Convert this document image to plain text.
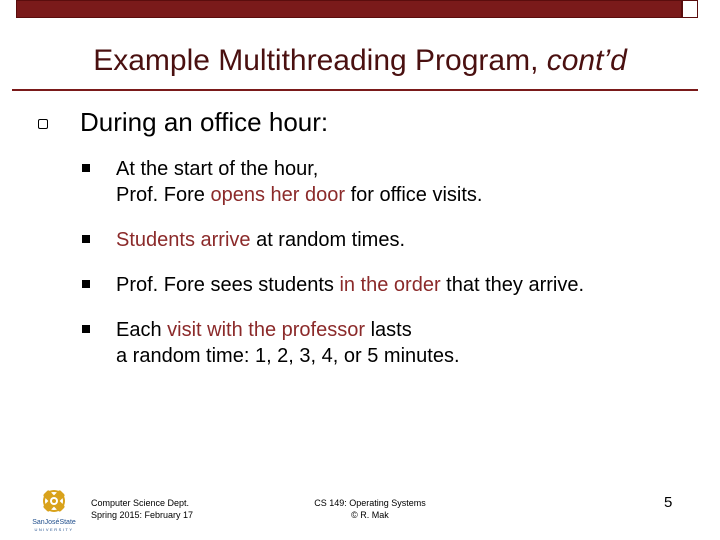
Example Multithreading Program, cont’d
During an office hour:
At the start of the hour,
Prof. Fore opens her door for office visits.
Students arrive at random times.
Prof. Fore sees students in the order that they arrive.
Each visit with the professor lasts
a random time: 1, 2, 3, 4, or 5 minutes.
SanJoséState
UNIVERSITY
Computer Science Dept.
Spring 2015: February 17
CS 149: Operating Systems
© R. Mak
5
